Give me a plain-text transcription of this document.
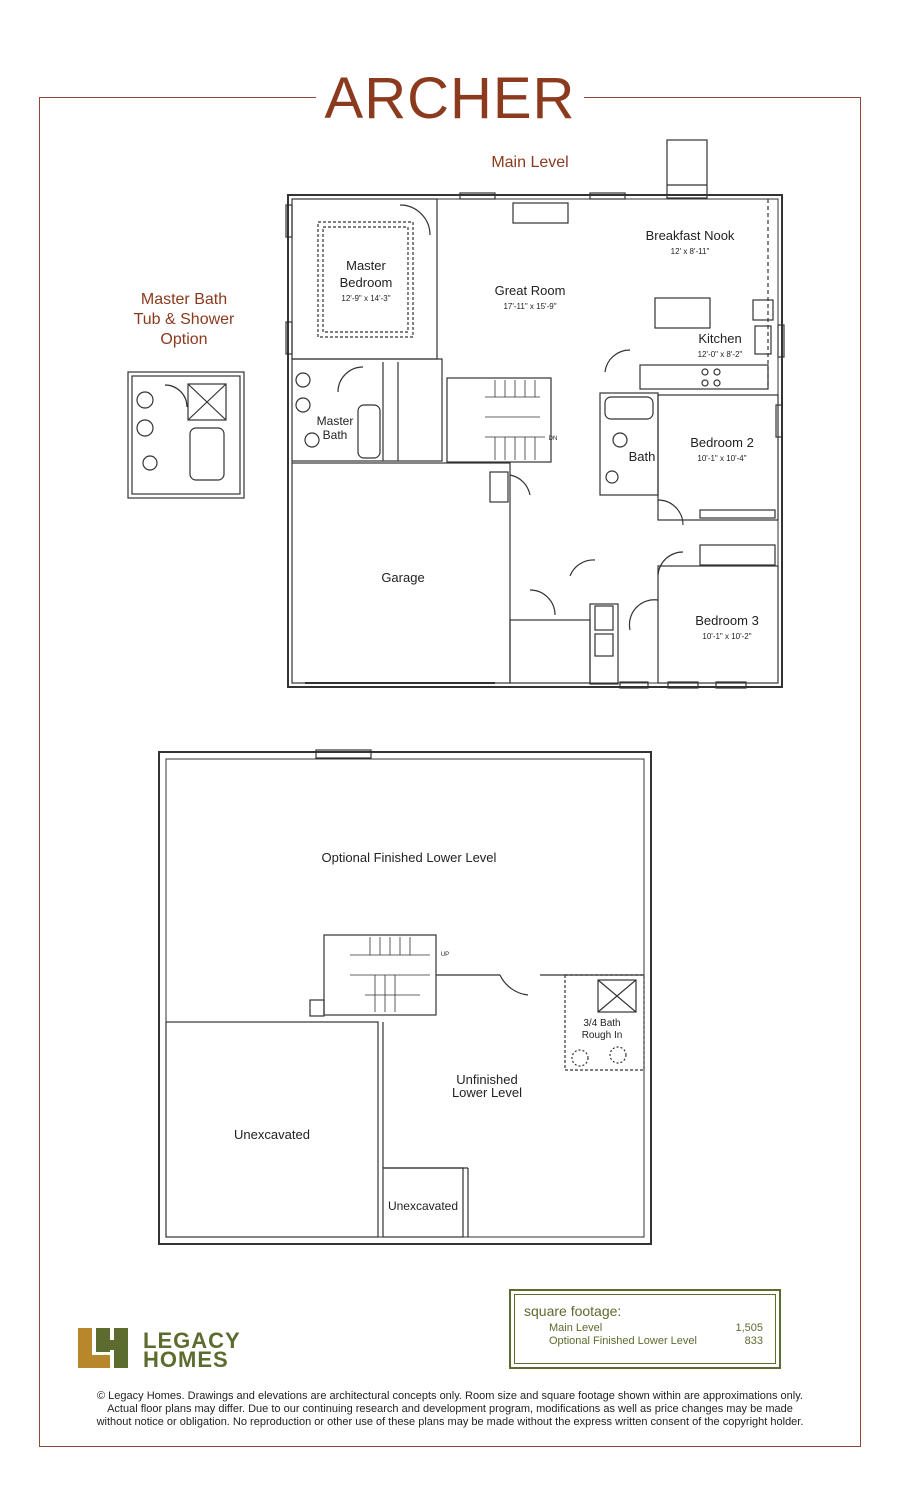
ARCHER
Main Level
Breakfast Nook
12' x 8'-11"
Great Room
17'-11" x 15'-9"
Master
Bedroom
12'-9" x 14'-3"
Kitchen
12'-0" x 8'-2"
Master
Bath	DN
Bath
Bedroom 2
10'-1" x 10'-4"
Bedroom 3
10'-1" x 10'-2"
Garage
Master Bath
Tub & Shower
Option
Optional Finished Lower Level
UP
Unfinished
Lower Level
3/4 Bath
Rough In
Unexcavated
Unexcavated
square footage:
Main Level	1,505
Optional Finished Lower Level	833
LEGACY
HOMES
© Legacy Homes. Drawings and elevations are architectural concepts only. Room size and square footage shown within are approximations only.
Actual floor plans may differ. Due to our continuing research and development program, modifications as well as price changes may be made
without notice or obligation. No reproduction or other use of these plans may be made without the express written consent of the copyright holder.
